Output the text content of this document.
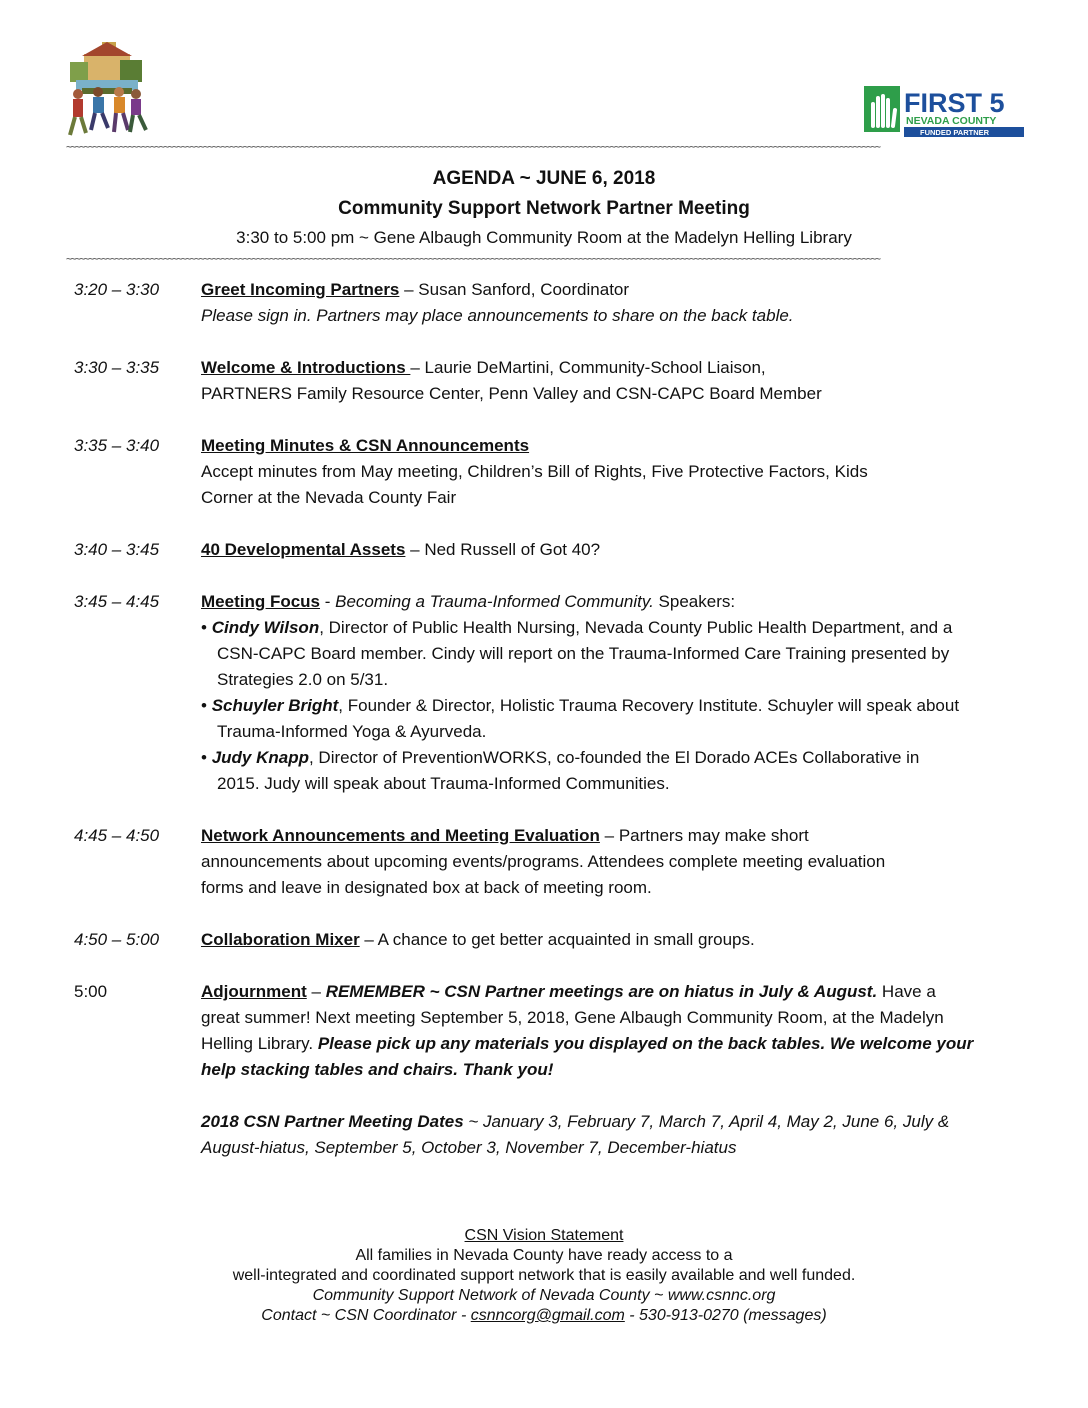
FIRST 5
NEVADA COUNTY
FUNDED PARTNER
~~~~~~~~~~~~~~~~~~~~~~~~~~~~~~~~~~~~~~~~~~~~~~~~~~~~~~~~~~~~~~~~~~~~~~~~~~~~~~~~~~~~~~~~~~~~~~~~~~~~~~~~~~~~~~~~~~~~~~~~~~~~~~~~~~~~~~~~~~~~~~~~~~~~~~~~~~~~~~~~~~~~~~~~~~~~~~~~~~~~~~~~
AGENDA ~ JUNE 6, 2018
Community Support Network Partner Meeting
3:30 to 5:00 pm ~ Gene Albaugh Community Room at the Madelyn Helling Library
~~~~~~~~~~~~~~~~~~~~~~~~~~~~~~~~~~~~~~~~~~~~~~~~~~~~~~~~~~~~~~~~~~~~~~~~~~~~~~~~~~~~~~~~~~~~~~~~~~~~~~~~~~~~~~~~~~~~~~~~~~~~~~~~~~~~~~~~~~~~~~~~~~~~~~~~~~~~~~~~~~~~~~~~~~~~~~~~~~~~~~~~
3:20 – 3:30 Greet Incoming Partners – Susan Sanford, Coordinator
Please sign in. Partners may place announcements to share on the back table.
3:30 – 3:35 Welcome & Introductions – Laurie DeMartini, Community-School Liaison,
PARTNERS Family Resource Center, Penn Valley and CSN-CAPC Board Member
3:35 – 3:40 Meeting Minutes & CSN Announcements
Accept minutes from May meeting, Children’s Bill of Rights, Five Protective Factors, Kids
Corner at the Nevada County Fair
3:40 – 3:45 40 Developmental Assets – Ned Russell of Got 40?
3:45 – 4:45 Meeting Focus - Becoming a Trauma-Informed Community. Speakers:
• Cindy Wilson, Director of Public Health Nursing, Nevada County Public Health Department, and a CSN-CAPC Board member. Cindy will report on the Trauma-Informed Care Training presented by Strategies 2.0 on 5/31.
• Schuyler Bright, Founder & Director, Holistic Trauma Recovery Institute. Schuyler will speak about Trauma-Informed Yoga & Ayurveda.
• Judy Knapp, Director of PreventionWORKS, co-founded the El Dorado ACEs Collaborative in 2015. Judy will speak about Trauma-Informed Communities.
4:45 – 4:50 Network Announcements and Meeting Evaluation – Partners may make short announcements about upcoming events/programs. Attendees complete meeting evaluation forms and leave in designated box at back of meeting room.
4:50 – 5:00 Collaboration Mixer – A chance to get better acquainted in small groups.
5:00	Adjournment – REMEMBER ~ CSN Partner meetings are on hiatus in July & August. Have a great summer! Next meeting September 5, 2018, Gene Albaugh Community Room, at the Madelyn Helling Library. Please pick up any materials you displayed on the back tables. We welcome your help stacking tables and chairs. Thank you!
2018 CSN Partner Meeting Dates ~ January 3, February 7, March 7, April 4, May 2, June 6, July & August-hiatus, September 5, October 3, November 7, December-hiatus
CSN Vision Statement
All families in Nevada County have ready access to a
well-integrated and coordinated support network that is easily available and well funded.
Community Support Network of Nevada County ~ www.csnnc.org
Contact ~ CSN Coordinator - csnncorg@gmail.com - 530-913-0270 (messages)
